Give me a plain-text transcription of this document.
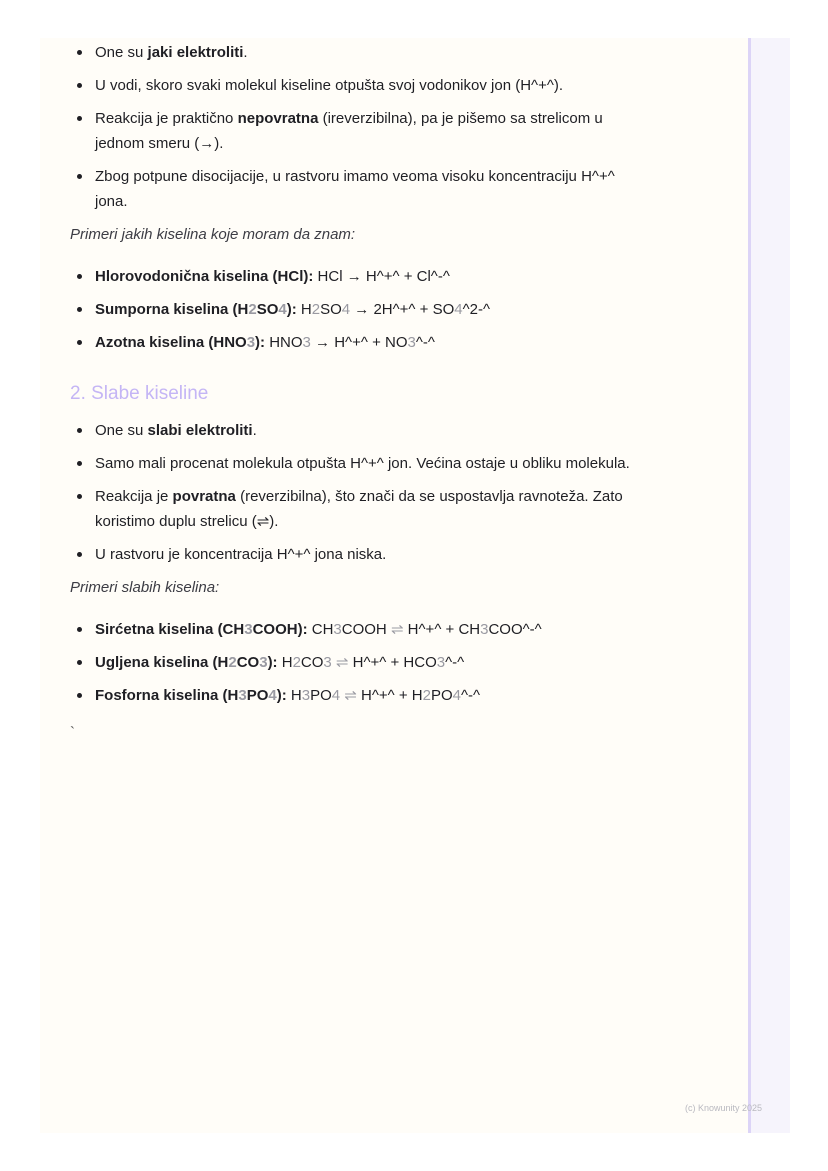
One su jaki elektroliti.
U vodi, skoro svaki molekul kiseline otpušta svoj vodonikov jon (H^+^).
Reakcija je praktično nepovratna (ireverzibilna), pa je pišemo sa strelicom u jednom smeru (→).
Zbog potpune disocijacije, u rastvoru imamo veoma visoku koncentraciju H^+^ jona.
Primeri jakih kiselina koje moram da znam:
Hlorovodonična kiselina (HCl): HCl → H^+^ + Cl^-^
Sumporna kiselina (H2SO4): H2SO4 → 2H^+^ + SO4^2-^
Azotna kiselina (HNO3): HNO3 → H^+^ + NO3^-^
2. Slabe kiseline
One su slabi elektroliti.
Samo mali procenat molekula otpušta H^+^ jon. Većina ostaje u obliku molekula.
Reakcija je povratna (reverzibilna), što znači da se uspostavlja ravnoteža. Zato koristimo duplu strelicu (⇌).
U rastvoru je koncentracija H^+^ jona niska.
Primeri slabih kiselina:
Sirćetna kiselina (CH3COOH): CH3COOH ⇌ H^+^ + CH3COO^-^
Ugljena kiselina (H2CO3): H2CO3 ⇌ H^+^ + HCO3^-^
Fosforna kiselina (H3PO4): H3PO4 ⇌ H^+^ + H2PO4^-^
`
(c) Knowunity 2025
